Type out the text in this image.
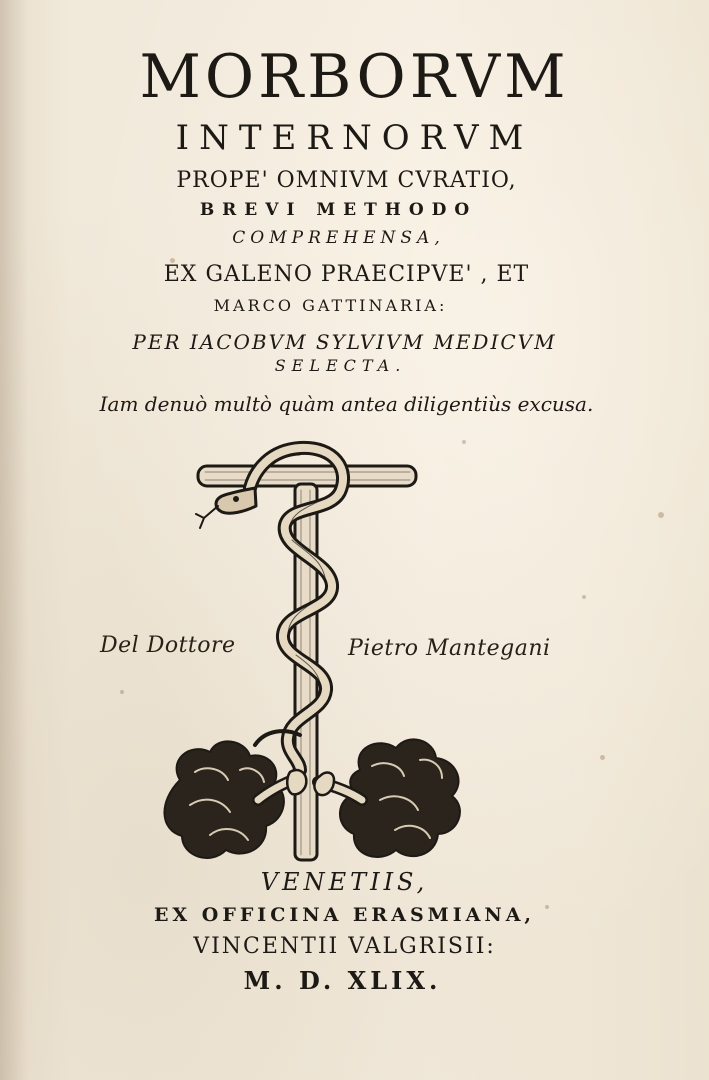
MORBORVM
INTERNORVM
PROPE' OMNIVM CVRATIO,
BREVI METHODO
COMPREHENSA,
EX GALENO PRAECIPVE' , ET
MARCO GATTINARIA:
PER IACOBVM SYLVIVM MEDICVM
SELECTA.
Iam denuò multò quàm antea diligentiùs excusa.
Del Dottore	Pietro Mantegani
VENETIIS,
EX OFFICINA ERASMIANA,
VINCENTII VALGRISII:
M. D. XLIX.
